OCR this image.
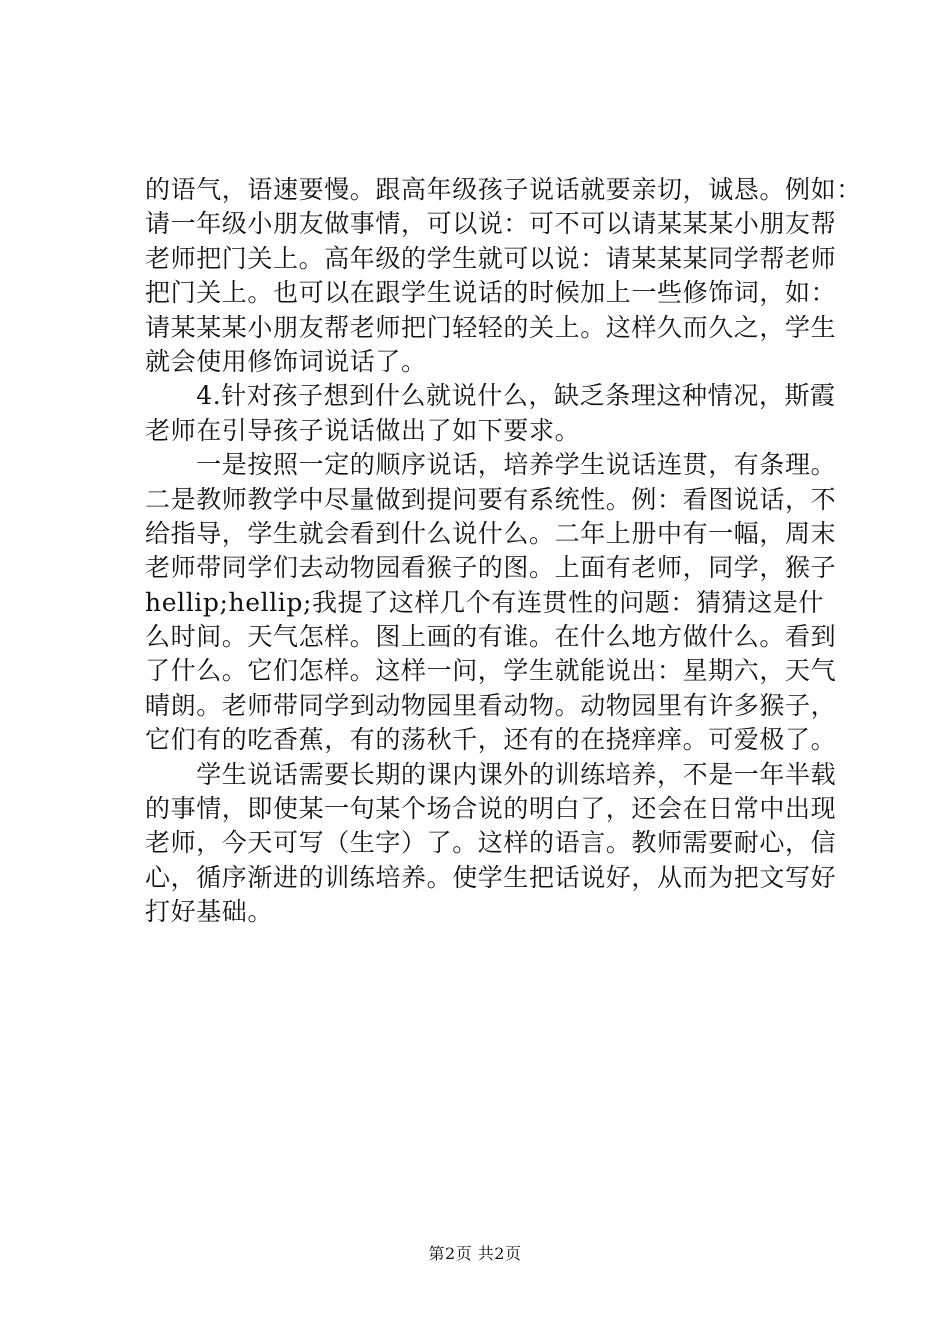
的语气，语速要慢。跟高年级孩子说话就要亲切，诚恳。例如：
请一年级小朋友做事情，可以说：可不可以请某某某小朋友帮
老师把门关上。高年级的学生就可以说：请某某某同学帮老师
把门关上。也可以在跟学生说话的时候加上一些修饰词，如：
请某某某小朋友帮老师把门轻轻的关上。这样久而久之，学生
就会使用修饰词说话了。
　　4.针对孩子想到什么就说什么，缺乏条理这种情况，斯霞
老师在引导孩子说话做出了如下要求。
　　一是按照一定的顺序说话，培养学生说话连贯，有条理。
二是教师教学中尽量做到提问要有系统性。例：看图说话，不
给指导，学生就会看到什么说什么。二年上册中有一幅，周末
老师带同学们去动物园看猴子的图。上面有老师，同学，猴子
hellip;hellip;我提了这样几个有连贯性的问题：猜猜这是什
么时间。天气怎样。图上画的有谁。在什么地方做什么。看到
了什么。它们怎样。这样一问，学生就能说出：星期六，天气
晴朗。老师带同学到动物园里看动物。动物园里有许多猴子，
它们有的吃香蕉，有的荡秋千，还有的在挠痒痒。可爱极了。
　　学生说话需要长期的课内课外的训练培养，不是一年半载
的事情，即使某一句某个场合说的明白了，还会在日常中出现
老师，今天可写（生字）了。这样的语言。教师需要耐心，信
心，循序渐进的训练培养。使学生把话说好，从而为把文写好
打好基础。
第2页 共2页
